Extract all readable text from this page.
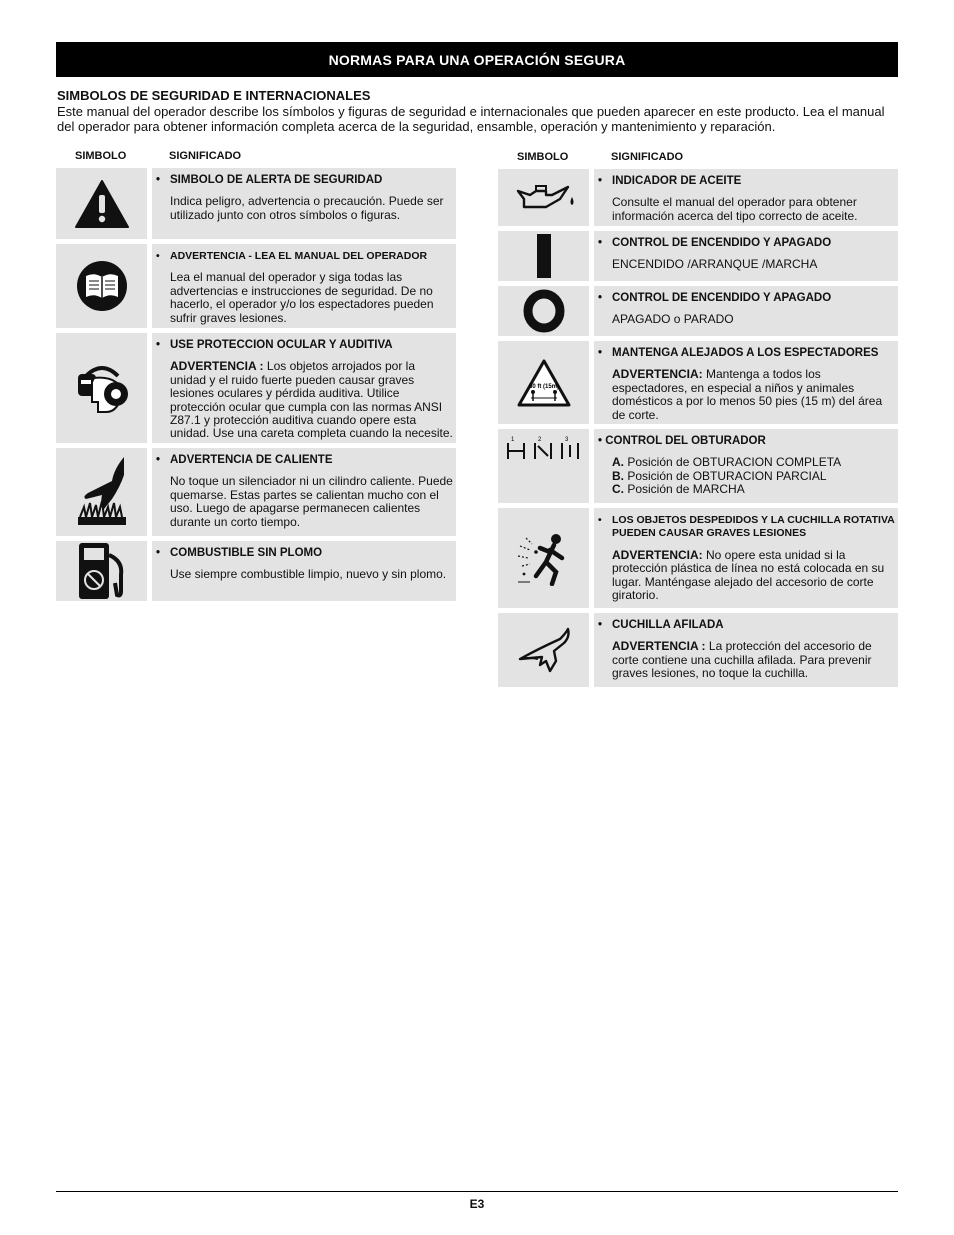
NORMAS PARA UNA OPERACIÓN SEGURA
SIMBOLOS DE SEGURIDAD E INTERNACIONALES
Este manual del operador describe los símbolos y figuras de seguridad e internacionales que pueden aparecer en este producto. Lea el manual del operador para obtener información completa acerca de la seguridad, ensamble, operación y mantenimiento y reparación.
SIMBOLO	SIGNIFICADO
• SIMBOLO DE ALERTA DE SEGURIDAD
Indica peligro, advertencia o precaución. Puede ser utilizado junto con otros símbolos o figuras.
• ADVERTENCIA - LEA EL MANUAL DEL OPERADOR
Lea el manual del operador y siga todas las advertencias e instrucciones de seguridad. De no hacerlo, el operador y/o los espectadores pueden sufrir graves lesiones.
• USE PROTECCION OCULAR Y AUDITIVA
ADVERTENCIA : Los objetos arrojados por la unidad y el ruido fuerte pueden causar graves lesiones oculares y pérdida auditiva. Utilice protección ocular que cumpla con las normas ANSI Z87.1 y protección auditiva cuando opere esta unidad. Use una careta completa cuando la necesite.
• ADVERTENCIA DE CALIENTE
No toque un silenciador ni un cilindro caliente. Puede quemarse. Estas partes se calientan mucho con el uso. Luego de apagarse permanecen calientes durante un corto tiempo.
• COMBUSTIBLE SIN PLOMO
Use siempre combustible limpio, nuevo y sin plomo.
SIMBOLO	SIGNIFICADO
• INDICADOR DE ACEITE
Consulte el manual del operador para obtener información acerca del tipo correcto de aceite.
• CONTROL DE ENCENDIDO Y APAGADO
ENCENDIDO /ARRANQUE /MARCHA
• CONTROL DE ENCENDIDO Y APAGADO
APAGADO o PARADO
50 ft (15m)
• MANTENGA ALEJADOS A LOS ESPECTADORES
ADVERTENCIA: Mantenga a todos los espectadores, en especial a niños y animales domésticos a por lo menos 50 pies (15 m) del área de corte.
1	2	3	• CONTROL DEL OBTURADOR
A. Posición de OBTURACION COMPLETA
B. Posición de OBTURACION PARCIAL
C. Posición de MARCHA
• LOS OBJETOS DESPEDIDOS Y LA CUCHILLA ROTATIVA PUEDEN CAUSAR GRAVES LESIONES
ADVERTENCIA: No opere esta unidad si la protección plástica de línea no está colocada en su lugar. Manténgase alejado del accesorio de corte giratorio.
• CUCHILLA AFILADA
ADVERTENCIA : La protección del accesorio de corte contiene una cuchilla afilada. Para prevenir graves lesiones, no toque la cuchilla.
E3
